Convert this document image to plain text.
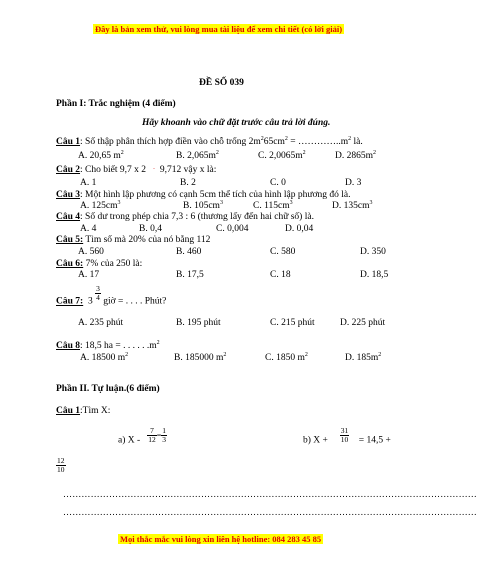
Đây là bản xem thử, vui lòng mua tài liệu để xem chi tiết (có lời giải)
ĐỀ SỐ 039
Phần I: Trắc nghiệm (4 điểm)
Hãy khoanh vào chữ đặt trước câu trả lời đúng.
Câu 1: Số thập phân thích hợp điền vào chỗ trống $2m^265cm^2$ = $\dots\dots\dots\dots..m^2$ là.
A. 20,65 $m^2$	B. $2,065m^2$	C. $2,0065m^2$	D. $2865m^2$
Câu 2: Cho biết 9,7 x 2 ¨  9,712 vậy x là:
A. 1	B. 2	C. 0	D. 3
Câu 3: Một hình lập phương có cạnh 5cm thể tích của hình lập phương đó là.
A. $125cm^3$	B. $105cm^3$	C. $115cm^3$	D. $135cm^3$
Câu 4: Số dư trong phép chia 7,3 : 6 (thương lấy đến hai chữ số) là.
A. 4	B. 0,4	C. 0,004	D. 0,04
Câu 5: Tìm số mà 20% của nó bằng 112
A. 560	B. 460	C. 580	D. 350
Câu 6: 7% của 250 là:
A. 17	B. 17,5	C. 18	D. 18,5
Câu 7: $3 \frac{3}{4}$ giờ = . . . . Phút?
A. 235 phút	B. 195 phút	C. 215 phút	D. 225 phút
Câu 8: 18,5 ha = . . . . . $.m^2$
A. 18500 $m^2$	B. 185000 $m^2$	C. 1850 $m^2$	D. $185m^2$
Phần II. Tự luận.(6 điểm)
Câu 1:Tìm X:
a) X - $\frac{7}{12} ^= \frac{1}{3}$	b) $X + \frac{31}{10} = 14,5$ +
$\frac{12}{10}$
………………………………………………………………………………………………………………………
………………………………………………………………………………………………………………………
Mọi thắc mắc vui lòng xin liên hệ hotline: 084 283 45 85
